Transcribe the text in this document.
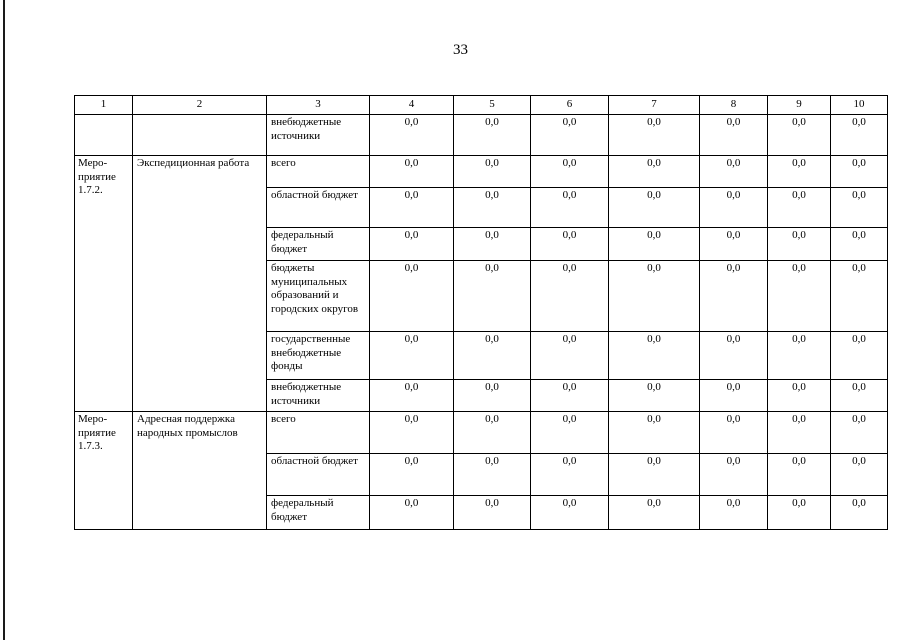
33
1	2	3	4	5	6	7	8	9	10
		внебюджетные источники	0,0	0,0	0,0	0,0	0,0	0,0	0,0
Меро-приятие 1.7.2.	Экспедиционная работа	всего	0,0	0,0	0,0	0,0	0,0	0,0	0,0
		областной бюджет	0,0	0,0	0,0	0,0	0,0	0,0	0,0
		федеральный бюджет	0,0	0,0	0,0	0,0	0,0	0,0	0,0
		бюджеты муниципальных образований и городских округов	0,0	0,0	0,0	0,0	0,0	0,0	0,0
		государственные внебюджетные фонды	0,0	0,0	0,0	0,0	0,0	0,0	0,0
		внебюджетные источники	0,0	0,0	0,0	0,0	0,0	0,0	0,0
Меро-приятие 1.7.3.	Адресная поддержка народных промыслов	всего	0,0	0,0	0,0	0,0	0,0	0,0	0,0
		областной бюджет	0,0	0,0	0,0	0,0	0,0	0,0	0,0
		федеральный бюджет	0,0	0,0	0,0	0,0	0,0	0,0	0,0
